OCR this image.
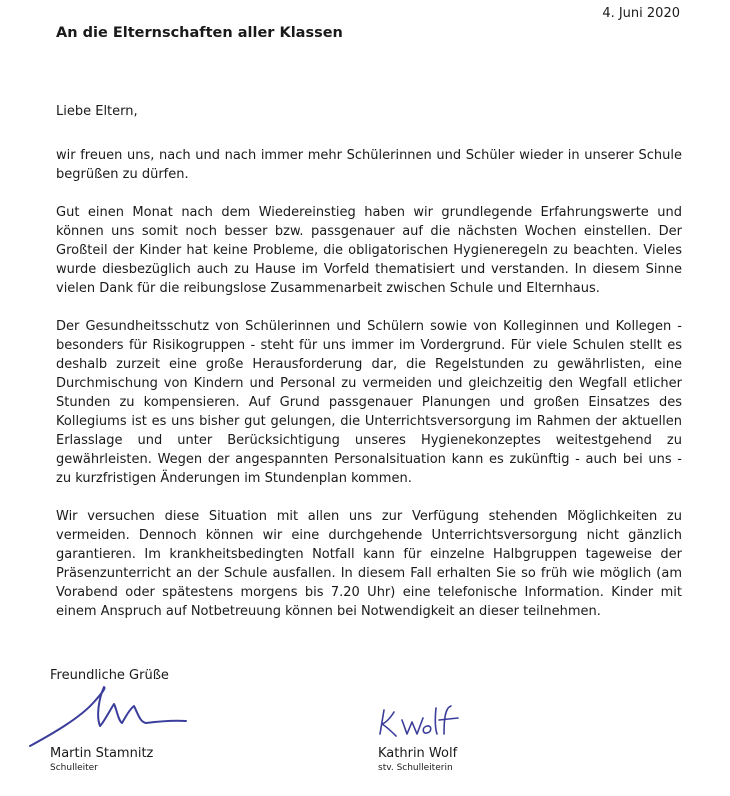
4. Juni 2020
An die Elternschaften aller Klassen
Liebe Eltern,

wir freuen uns, nach und nach immer mehr Schülerinnen und Schüler wieder in unserer Schule begrüßen zu dürfen.

Gut einen Monat nach dem Wiedereinstieg haben wir grundlegende Erfahrungswerte und können uns somit noch besser bzw. passgenauer auf die nächsten Wochen einstellen. Der Großteil der Kinder hat keine Probleme, die obligatorischen Hygieneregeln zu beachten. Vieles wurde diesbezüglich auch zu Hause im Vorfeld thematisiert und verstanden. In diesem Sinne vielen Dank für die reibungslose Zusammenarbeit zwischen Schule und Elternhaus.

Der Gesundheitsschutz von Schülerinnen und Schülern sowie von Kolleginnen und Kollegen - besonders für Risikogruppen - steht für uns immer im Vordergrund. Für viele Schulen stellt es deshalb zurzeit eine große Herausforderung dar, die Regelstunden zu gewährlisten, eine Durchmischung von Kindern und Personal zu vermeiden und gleichzeitig den Wegfall etlicher Stunden zu kompensieren. Auf Grund passgenauer Planungen und großen Einsatzes des Kollegiums ist es uns bisher gut gelungen, die Unterrichtsversorgung im Rahmen der aktuellen Erlasslage und unter Berücksichtigung unseres Hygienekonzeptes weitestgehend zu gewährleisten. Wegen der angespannten Personalsituation kann es zukünftig - auch bei uns - zu kurzfristigen Änderungen im Stundenplan kommen.

Wir versuchen diese Situation mit allen uns zur Verfügung stehenden Möglichkeiten zu vermeiden. Dennoch können wir eine durchgehende Unterrichtsversorgung nicht gänzlich garantieren. Im krankheitsbedingten Notfall kann für einzelne Halbgruppen tageweise der Präsenzunterricht an der Schule ausfallen. In diesem Fall erhalten Sie so früh wie möglich (am Vorabend oder spätestens morgens bis 7.20 Uhr) eine telefonische Information. Kinder mit einem Anspruch auf Notbetreuung können bei Notwendigkeit an dieser teilnehmen.

Freundliche Grüße
Martin Stamnitz
Schulleiter
Kathrin Wolf
stv. Schulleiterin
